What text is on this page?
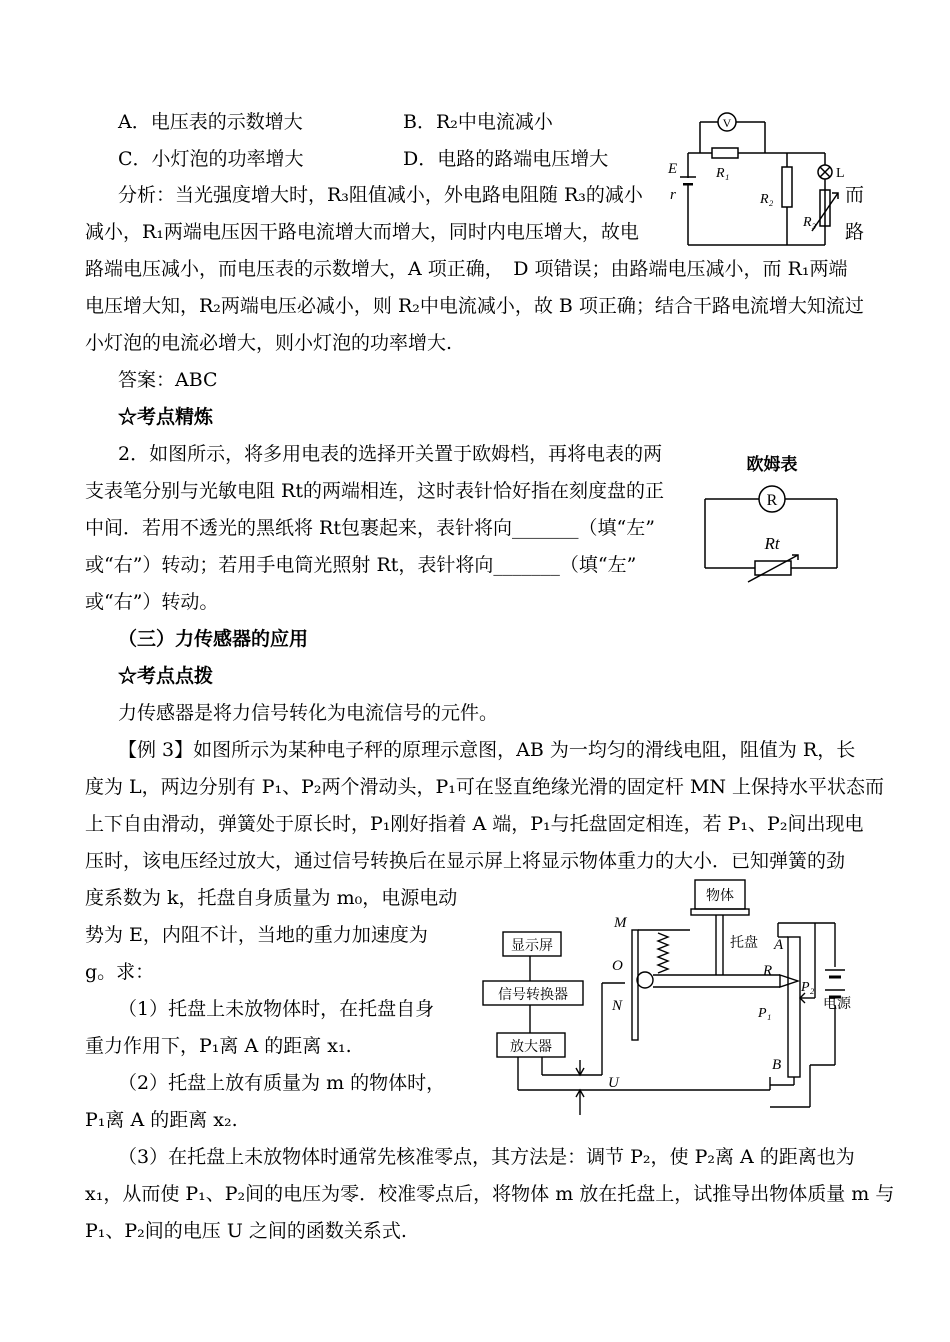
A．电压表的示数增大	B．R₂中电流减小
C．小灯泡的功率增大	D．电路的路端电压增大
分析：当光强度增大时，R₃阻值减小，外电路电阻随 R₃的减小	而
减小，R₁两端电压因干路电流增大而增大，同时内电压增大，故电	路
路端电压减小，而电压表的示数增大，A 项正确，　D 项错误；由路端电压减小，而 R₁两端
电压增大知，R₂两端电压必减小，则 R₂中电流减小，故 B 项正确；结合干路电流增大知流过
小灯泡的电流必增大，则小灯泡的功率增大.
答案：ABC
☆考点精炼
2．如图所示，将多用电表的选择开关置于欧姆档，再将电表的两
支表笔分别与光敏电阻 Rt的两端相连，这时表针恰好指在刻度盘的正
中间．若用不透光的黑纸将 Rt包裹起来，表针将向_______（填“左”
或“右”）转动；若用手电筒光照射 Rt，表针将向_______（填“左”
或“右”）转动。
（三）力传感器的应用
☆考点点拨
力传感器是将力信号转化为电流信号的元件。
【例 3】如图所示为某种电子秤的原理示意图，AB 为一均匀的滑线电阻，阻值为 R，长
度为 L，两边分别有 P₁、P₂两个滑动头，P₁可在竖直绝缘光滑的固定杆 MN 上保持水平状态而
上下自由滑动，弹簧处于原长时，P₁刚好指着 A 端，P₁与托盘固定相连，若 P₁、P₂间出现电
压时，该电压经过放大，通过信号转换后在显示屏上将显示物体重力的大小．已知弹簧的劲
度系数为 k，托盘自身质量为 m₀，电源电动
势为 E，内阻不计，当地的重力加速度为
g。求：
（1）托盘上未放物体时，在托盘自身
重力作用下，P₁离 A 的距离 x₁.
（2）托盘上放有质量为 m 的物体时，
P₁离 A 的距离 x₂.
（3）在托盘上未放物体时通常先核准零点，其方法是：调节 P₂，使 P₂离 A 的距离也为
x₁，从而使 P₁、P₂间的电压为零．校准零点后，将物体 m 放在托盘上，试推导出物体质量 m 与
P₁、P₂间的电压 U 之间的函数关系式.
V
E
r
R₁
R₂
R₃
L
欧姆表
R
Rt
显示屏
信号转换器
放大器
物体
托盘
电源
M
N
O
A
B
R
P₁
P₂
U
